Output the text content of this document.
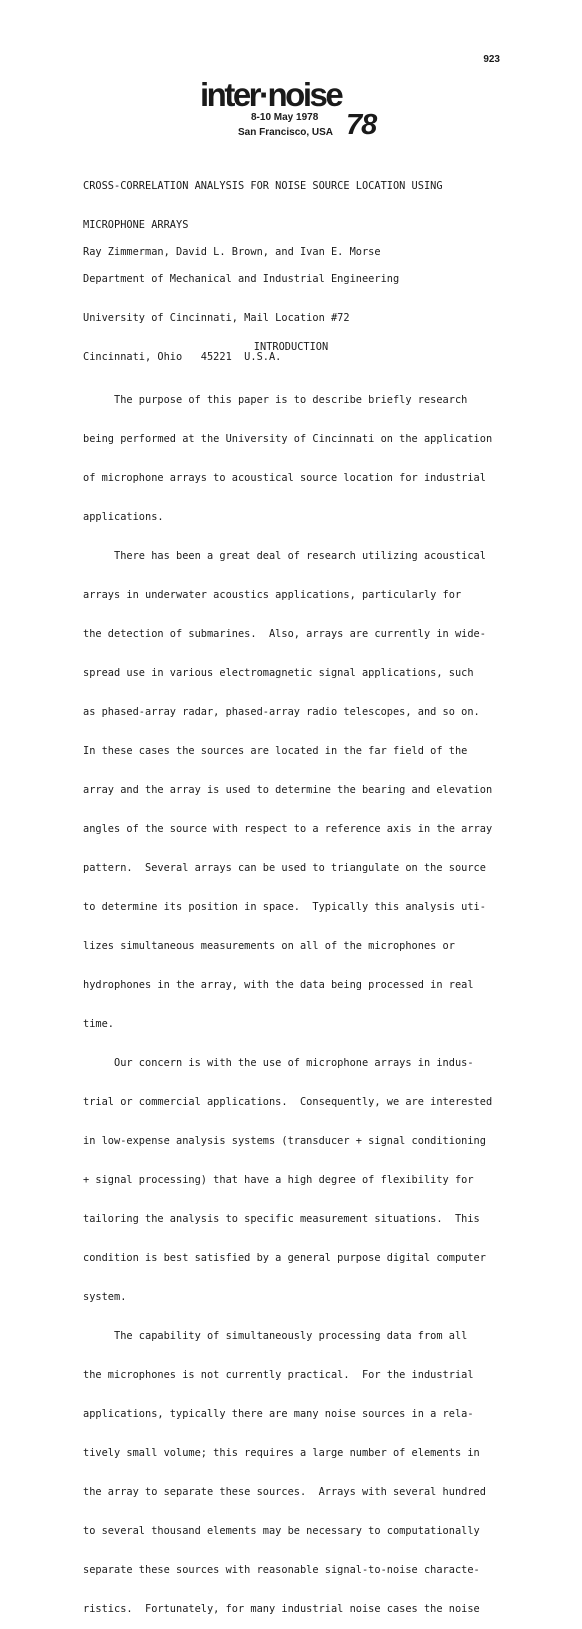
923
inter·noise
8-10 May 1978
San Francisco, USA 78

CROSS-CORRELATION ANALYSIS FOR NOISE SOURCE LOCATION USING

MICROPHONE ARRAYS

Ray Zimmerman, David L. Brown, and Ivan E. Morse

Department of Mechanical and Industrial Engineering

University of Cincinnati, Mail Location #72

Cincinnati, Ohio   45221  U.S.A.

INTRODUCTION

The purpose of this paper is to describe briefly research

being performed at the University of Cincinnati on the application

of microphone arrays to acoustical source location for industrial

applications.

There has been a great deal of research utilizing acoustical

arrays in underwater acoustics applications, particularly for

the detection of submarines.  Also, arrays are currently in wide-

spread use in various electromagnetic signal applications, such

as phased-array radar, phased-array radio telescopes, and so on.

In these cases the sources are located in the far field of the

array and the array is used to determine the bearing and elevation

angles of the source with respect to a reference axis in the array

pattern.  Several arrays can be used to triangulate on the source

to determine its position in space.  Typically this analysis uti-

lizes simultaneous measurements on all of the microphones or

hydrophones in the array, with the data being processed in real

time.

Our concern is with the use of microphone arrays in indus-

trial or commercial applications.  Consequently, we are interested

in low-expense analysis systems (transducer + signal conditioning

+ signal processing) that have a high degree of flexibility for

tailoring the analysis to specific measurement situations.  This

condition is best satisfied by a general purpose digital computer

system.

The capability of simultaneously processing data from all

the microphones is not currently practical.  For the industrial

applications, typically there are many noise sources in a rela-

tively small volume; this requires a large number of elements in

the array to separate these sources.  Arrays with several hundred

to several thousand elements may be necessary to computationally

separate these sources with reasonable signal-to-noise characte-

ristics.  Fortunately, for many industrial noise cases the noise
